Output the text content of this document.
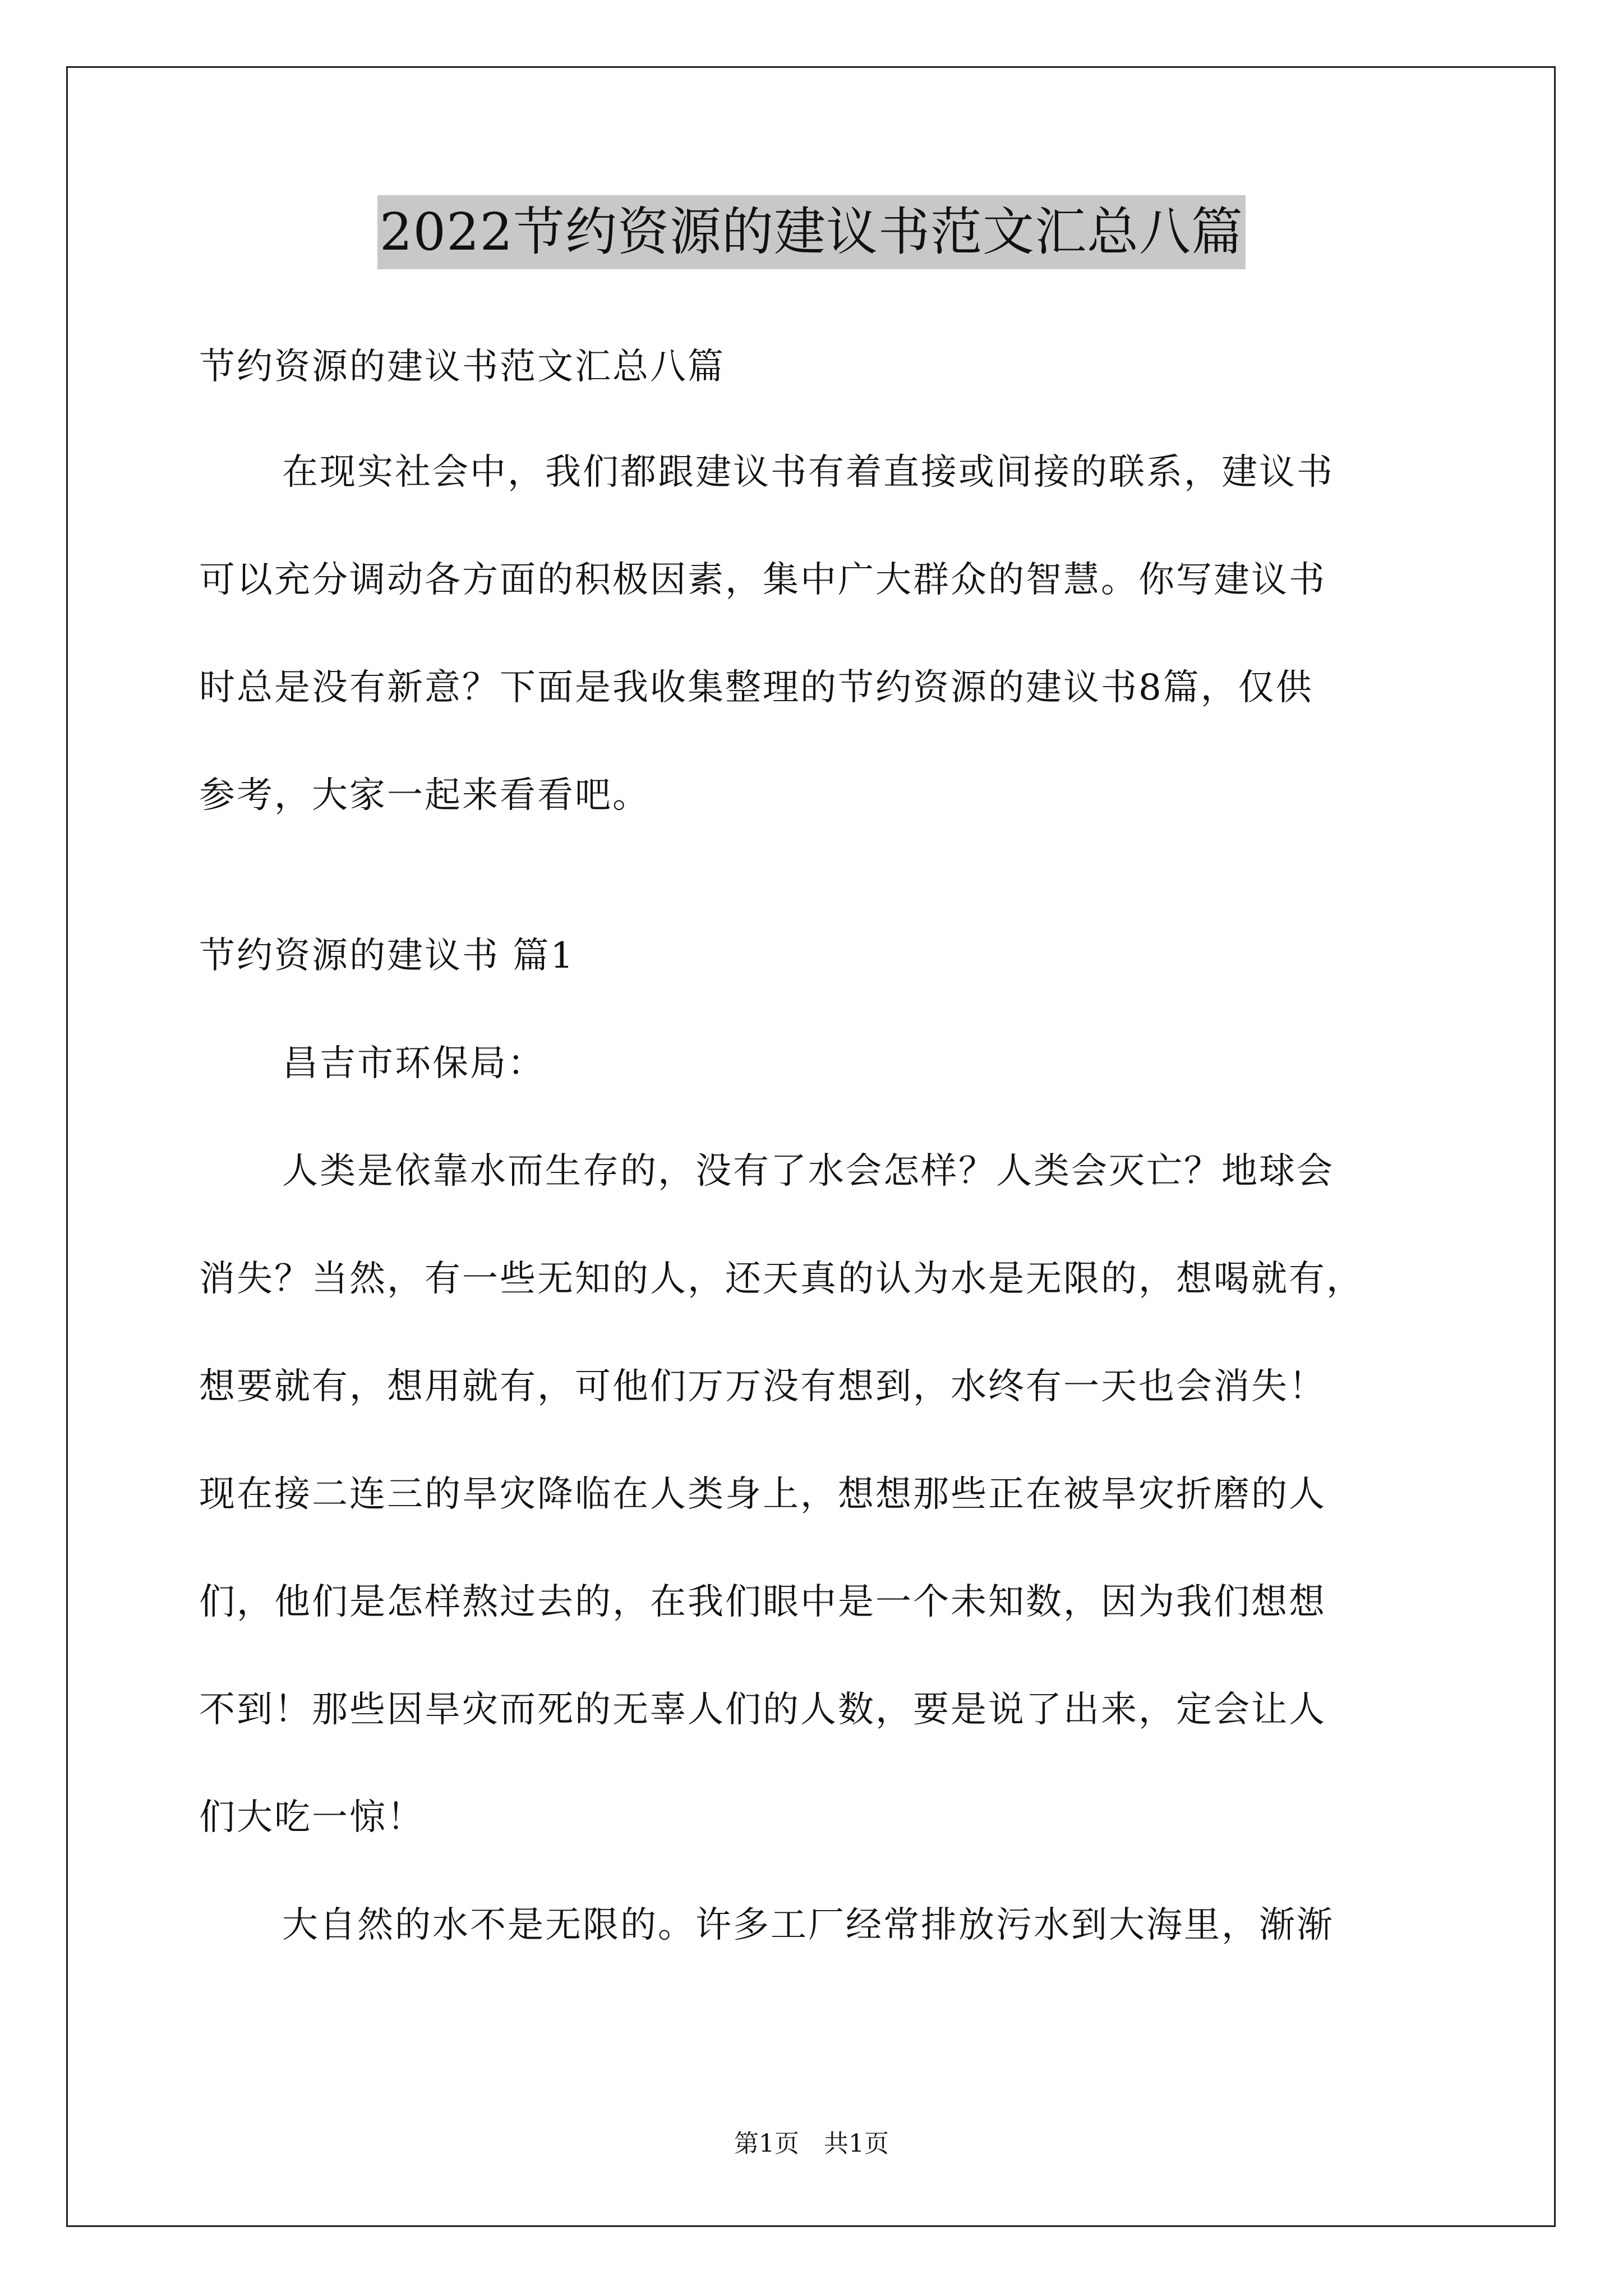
2022节约资源的建议书范文汇总八篇
节约资源的建议书范文汇总八篇
在现实社会中，我们都跟建议书有着直接或间接的联系，建议书
可以充分调动各方面的积极因素，集中广大群众的智慧。你写建议书
时总是没有新意？下面是我收集整理的节约资源的建议书8篇，仅供
参考，大家一起来看看吧。
节约资源的建议书 篇1
昌吉市环保局：
人类是依靠水而生存的，没有了水会怎样？人类会灭亡？地球会
消失？当然，有一些无知的人，还天真的认为水是无限的，想喝就有，
想要就有，想用就有，可他们万万没有想到，水终有一天也会消失！
现在接二连三的旱灾降临在人类身上，想想那些正在被旱灾折磨的人
们，他们是怎样熬过去的，在我们眼中是一个未知数，因为我们想想
不到！那些因旱灾而死的无辜人们的人数，要是说了出来，定会让人
们大吃一惊！
大自然的水不是无限的。许多工厂经常排放污水到大海里，渐渐
第1页　共1页
